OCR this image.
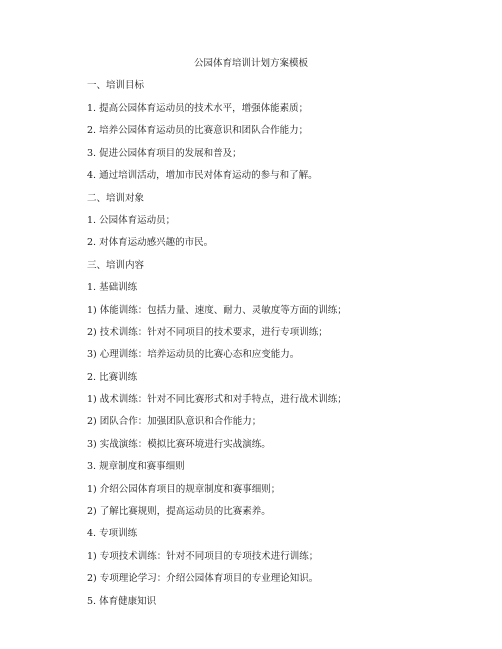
公园体育培训计划方案模板
一、培训目标
1. 提高公园体育运动员的技术水平，增强体能素质；
2. 培养公园体育运动员的比赛意识和团队合作能力；
3. 促进公园体育项目的发展和普及；
4. 通过培训活动，增加市民对体育运动的参与和了解。
二、培训对象
1. 公园体育运动员；
2. 对体育运动感兴趣的市民。
三、培训内容
1. 基础训练
1) 体能训练：包括力量、速度、耐力、灵敏度等方面的训练；
2) 技术训练：针对不同项目的技术要求，进行专项训练；
3) 心理训练：培养运动员的比赛心态和应变能力。
2. 比赛训练
1) 战术训练：针对不同比赛形式和对手特点，进行战术训练；
2) 团队合作：加强团队意识和合作能力；
3) 实战演练：模拟比赛环境进行实战演练。
3. 规章制度和赛事细则
1) 介绍公园体育项目的规章制度和赛事细则；
2) 了解比赛规则，提高运动员的比赛素养。
4. 专项训练
1) 专项技术训练：针对不同项目的专项技术进行训练；
2) 专项理论学习：介绍公园体育项目的专业理论知识。
5. 体育健康知识
